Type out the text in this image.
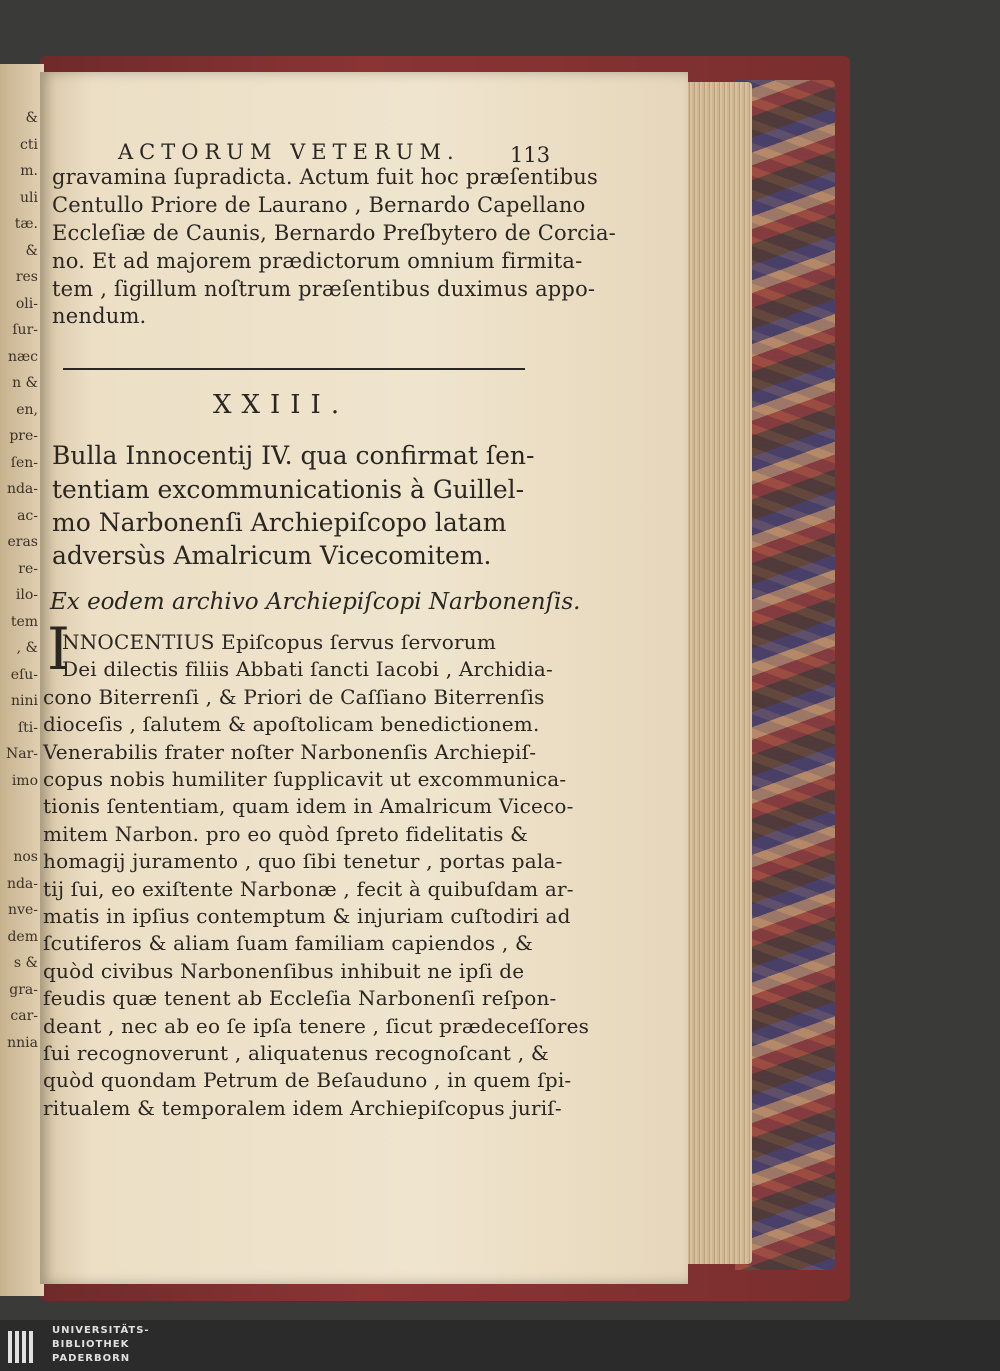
&
cti
m.
uli
tæ.
&
res
oli-
ſur-
næc
n &
en,
pre-
ſen-
nda-
ac-
eras
re-
ilo-
tem
, &
eſu-
nini
ſti-
Nar-
imo
nos
nda-
nve-
dem
s &
gra-
car-
nnia
ACTORUM VETERUM. 113
gravamina ſupradicta. Actum fuit hoc præſentibus
Centullo Priore de Laurano , Bernardo Capellano
Eccleſiæ de Caunis, Bernardo Preſbytero de Corcia-
no. Et ad majorem prædictorum omnium firmita-
tem , ſigillum noſtrum præſentibus duximus appo-
nendum.
XXIII.
Bulla Innocentij IV. qua confirmat ſen-
tentiam excommunicationis à Guillel-
mo Narbonenſi Archiepiſcopo latam
adversùs Amalricum Vicecomitem.
Ex eodem archivo Archiepiſcopi Narbonenſis.
I
NNOCENTIUS Epiſcopus ſervus ſervorum
Dei dilectis filiis Abbati ſancti Iacobi , Archidia-
cono Biterrenſi , & Priori de Caſſiano Biterrenſis
dioceſis , ſalutem & apoſtolicam benedictionem.
Venerabilis frater noſter Narbonenſis Archiepiſ-
copus nobis humiliter ſupplicavit ut excommunica-
tionis ſententiam, quam idem in Amalricum Viceco-
mitem Narbon. pro eo quòd ſpreto fidelitatis &
homagij juramento , quo ſibi tenetur , portas pala-
tij ſui, eo exiſtente Narbonæ , fecit à quibuſdam ar-
matis in ipſius contemptum & injuriam cuſtodiri ad
ſcutiferos & aliam ſuam familiam capiendos , &
quòd civibus Narbonenſibus inhibuit ne ipſi de
feudis quæ tenent ab Eccleſia Narbonenſi reſpon-
deant , nec ab eo ſe ipſa tenere , ſicut prædeceſſores
ſui recognoverunt , aliquatenus recognoſcant , &
quòd quondam Petrum de Beſauduno , in quem ſpi-
ritualem & temporalem idem Archiepiſcopus juriſ-
UNIVERSITÄTS-
BIBLIOTHEK
PADERBORN
